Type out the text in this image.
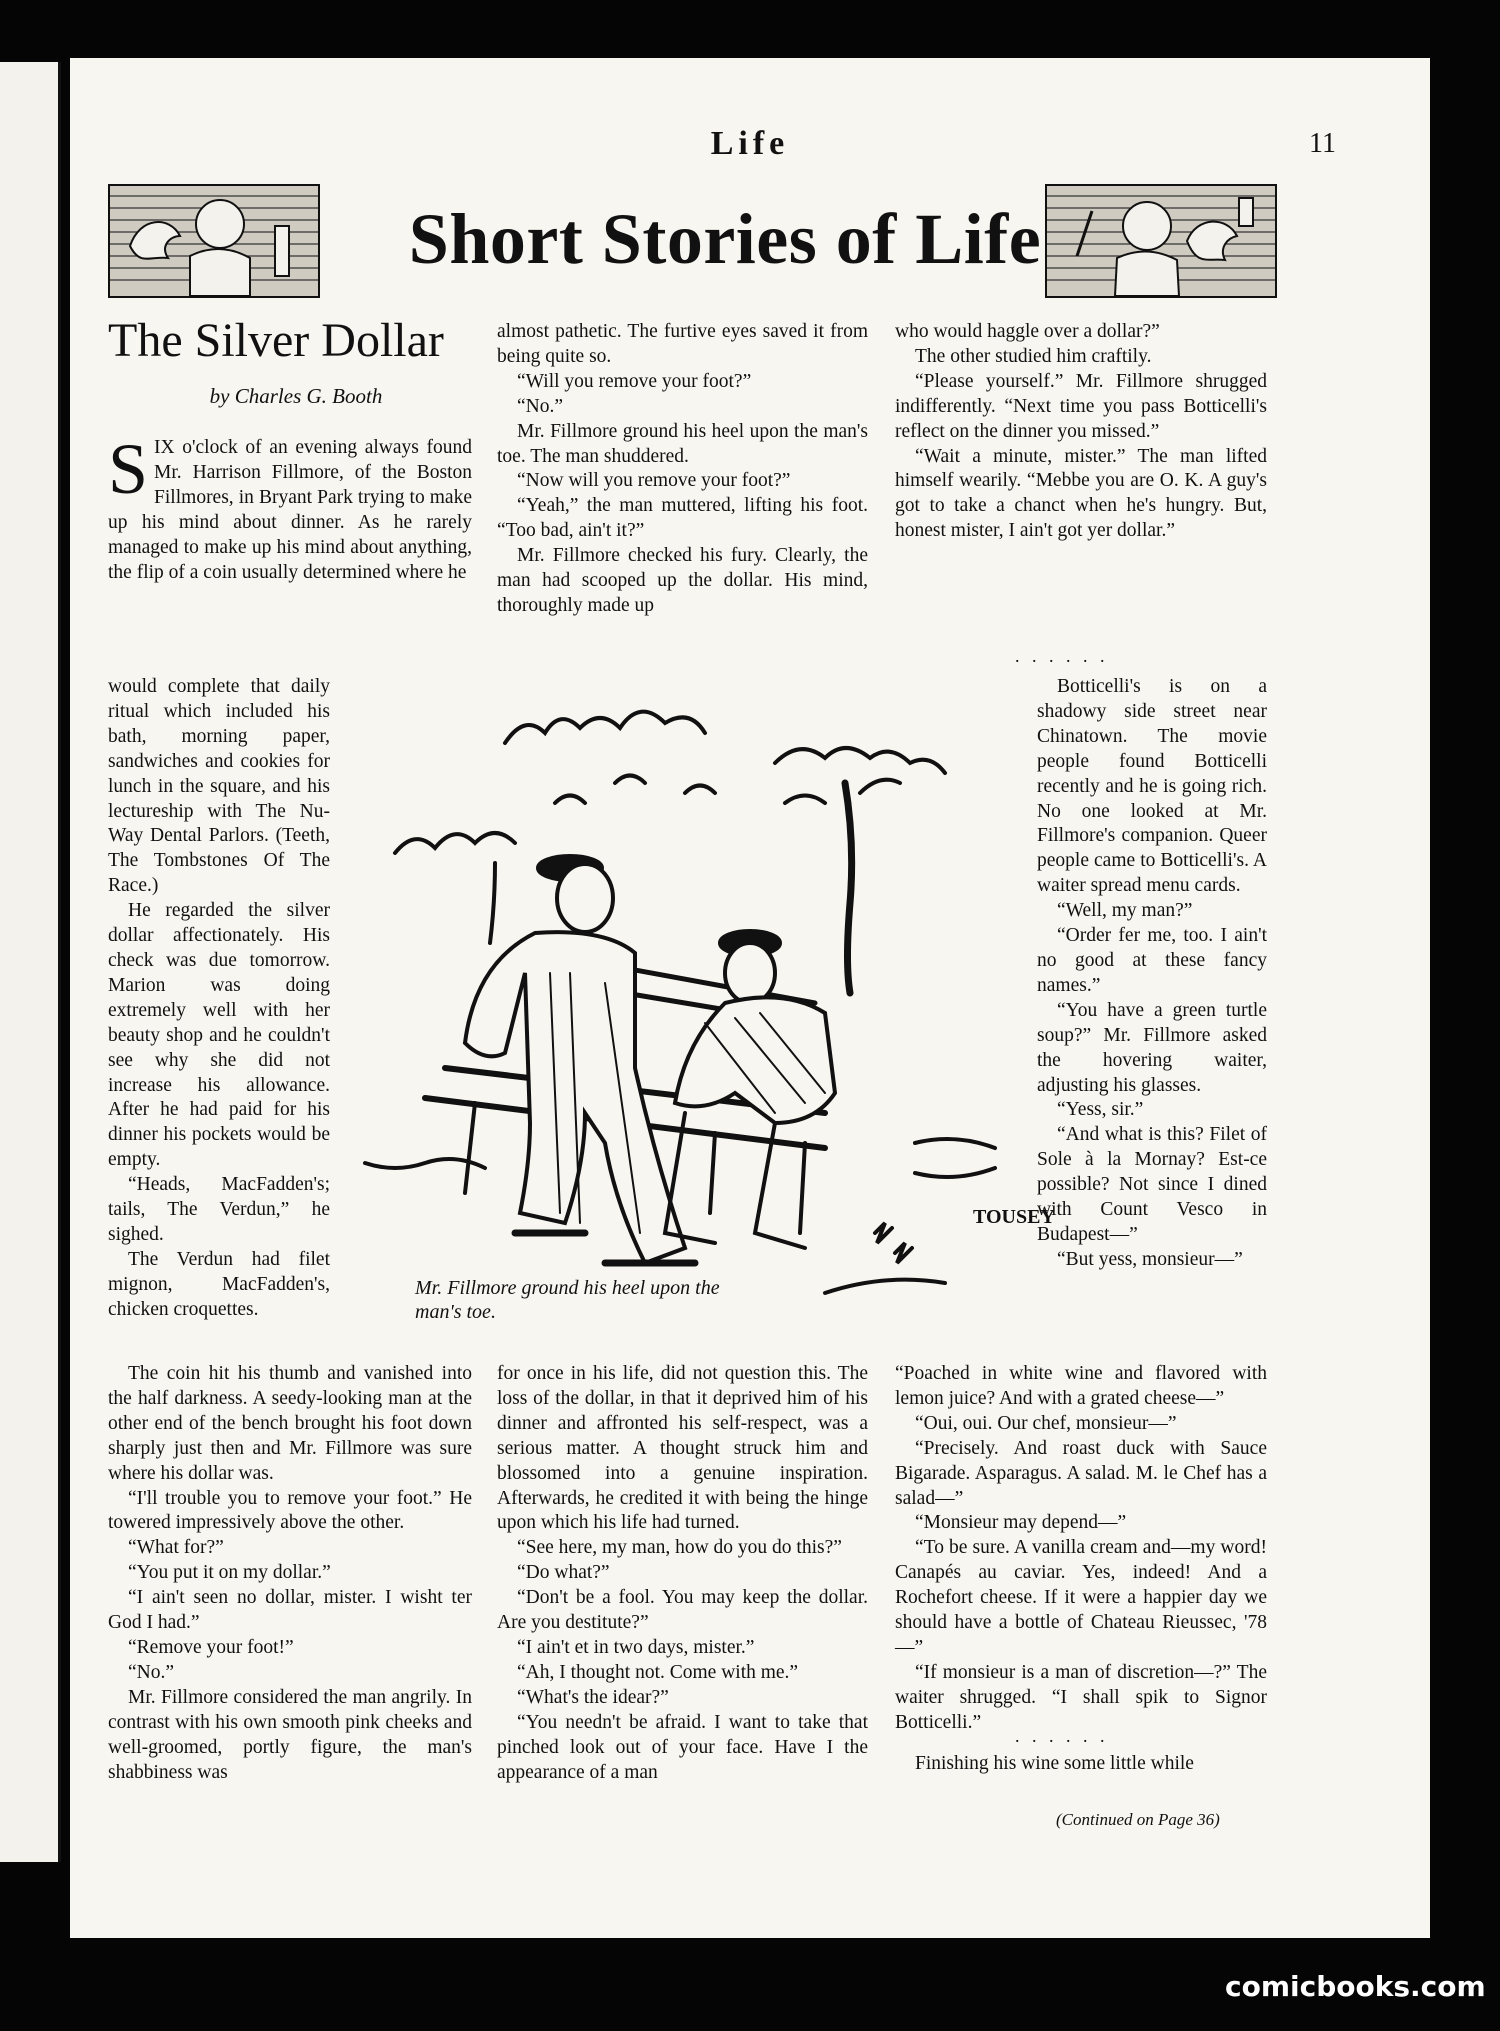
Life	11
Short Stories of Life
The Silver Dollar
by Charles G. Booth

SIX o'clock of an evening always found Mr. Harrison Fillmore, of the Boston Fillmores, in Bryant Park trying to make up his mind about dinner. As he rarely managed to make up his mind about anything, the flip of a coin usually determined where he

would complete that daily ritual which included his bath, morning paper, sandwiches and cookies for lunch in the square, and his lectureship with The Nu-Way Dental Parlors. (Teeth, The Tombstones Of The Race.)

He regarded the silver dollar affectionately. His check was due tomorrow. Marion was doing extremely well with her beauty shop and he couldn't see why she did not increase his allowance. After he had paid for his dinner his pockets would be empty.

“Heads, MacFadden's; tails, The Verdun,” he sighed.

The Verdun had filet mignon, MacFadden's, chicken croquettes.

The coin hit his thumb and vanished into the half darkness. A seedy-looking man at the other end of the bench brought his foot down sharply just then and Mr. Fillmore was sure where his dollar was.

“I'll trouble you to remove your foot.” He towered impressively above the other.

“What for?”

“You put it on my dollar.”

“I ain't seen no dollar, mister. I wisht ter God I had.”

“Remove your foot!”

“No.”

Mr. Fillmore considered the man angrily. In contrast with his own smooth pink cheeks and well-groomed, portly figure, the man's shabbiness was

almost pathetic. The furtive eyes saved it from being quite so.

“Will you remove your foot?”

“No.”

Mr. Fillmore ground his heel upon the man's toe. The man shuddered.

“Now will you remove your foot?”

“Yeah,” the man muttered, lifting his foot. “Too bad, ain't it?”

Mr. Fillmore checked his fury. Clearly, the man had scooped up the dollar. His mind, thoroughly made up

for once in his life, did not question this. The loss of the dollar, in that it deprived him of his dinner and affronted his self-respect, was a serious matter. A thought struck him and blossomed into a genuine inspiration. Afterwards, he credited it with being the hinge upon which his life had turned.

“See here, my man, how do you do this?”

“Do what?”

“Don't be a fool. You may keep the dollar. Are you destitute?”

“I ain't et in two days, mister.”

“Ah, I thought not. Come with me.”

“What's the idear?”

“You needn't be afraid. I want to take that pinched look out of your face. Have I the appearance of a man

who would haggle over a dollar?”

The other studied him craftily.

“Please yourself.” Mr. Fillmore shrugged indifferently. “Next time you pass Botticelli's reflect on the dinner you missed.”

“Wait a minute, mister.” The man lifted himself wearily. “Mebbe you are O. K. A guy's got to take a chanct when he's hungry. But, honest mister, I ain't got yer dollar.”

. . . . . .

Botticelli's is on a shadowy side street near Chinatown. The movie people found Botticelli recently and he is going rich. No one looked at Mr. Fillmore's companion. Queer people came to Botticelli's. A waiter spread menu cards.

“Well, my man?”

“Order fer me, too. I ain't no good at these fancy names.”

“You have a green turtle soup?” Mr. Fillmore asked the hovering waiter, adjusting his glasses.

“Yess, sir.”

“And what is this? Filet of Sole à la Mornay? Est-ce possible? Not since I dined with Count Vesco in Budapest—”

“But yess, monsieur—”

“Poached in white wine and flavored with lemon juice? And with a grated cheese—”

“Oui, oui. Our chef, monsieur—”

“Precisely. And roast duck with Sauce Bigarade. Asparagus. A salad. M. le Chef has a salad—”

“Monsieur may depend—”

“To be sure. A vanilla cream and—my word! Canapés au caviar. Yes, indeed! And a Rochefort cheese. If it were a happier day we should have a bottle of Chateau Rieussec, '78—”

“If monsieur is a man of discretion—?” The waiter shrugged. “I shall spik to Signor Botticelli.”

. . . . . .

Finishing his wine some little while

(Continued on Page 36)
TOUSEY
Mr. Fillmore ground his heel upon the man's toe.
comicbooks.com
